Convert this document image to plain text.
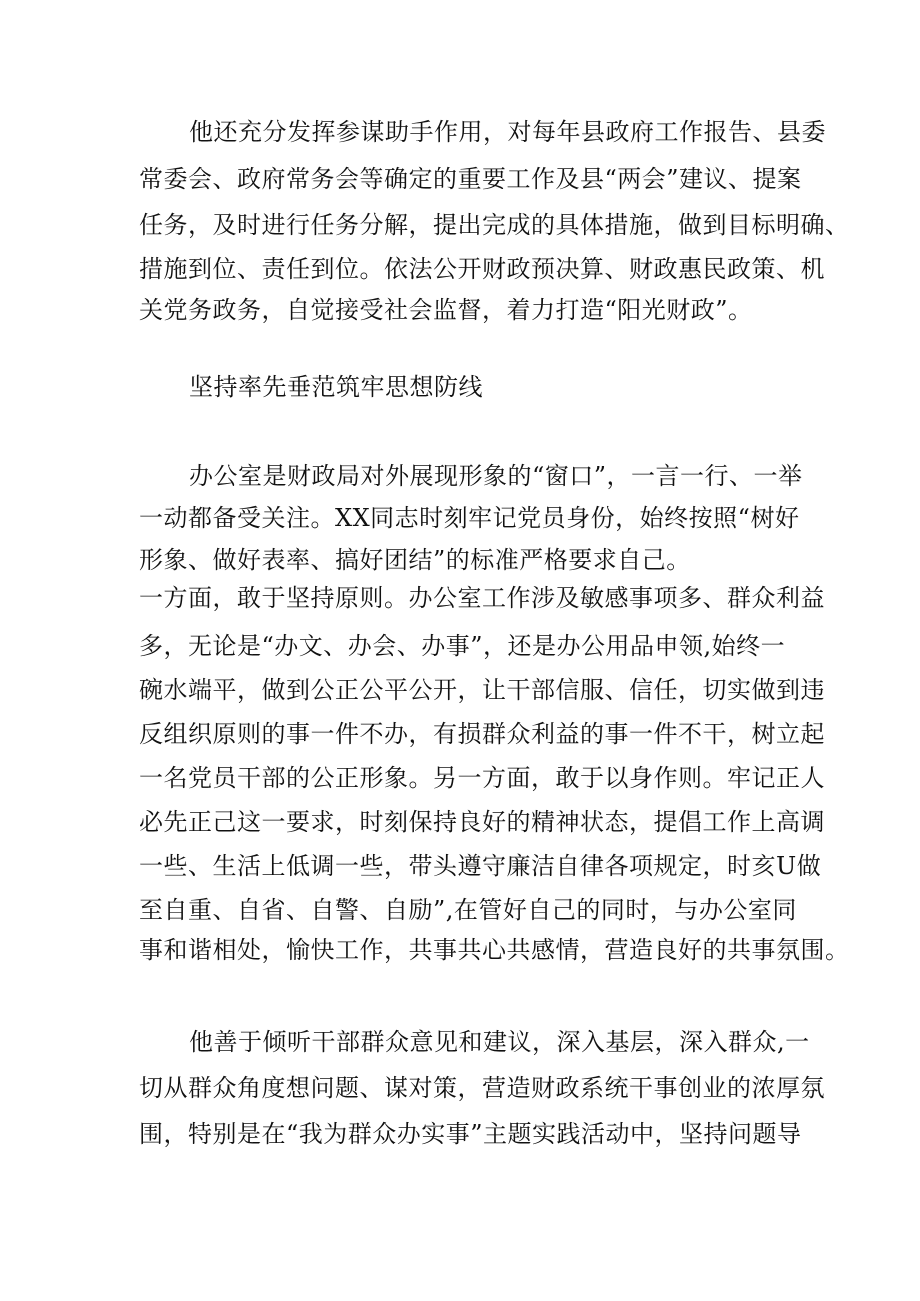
他还充分发挥参谋助手作用，对每年县政府工作报告、县委
常委会、政府常务会等确定的重要工作及县“两会”建议、提案
任务，及时进行任务分解，提出完成的具体措施，做到目标明确、
措施到位、责任到位。依法公开财政预决算、财政惠民政策、机
关党务政务，自觉接受社会监督，着力打造“阳光财政”。
坚持率先垂范筑牢思想防线
办公室是财政局对外展现形象的“窗口”，一言一行、一举
一动都备受关注。XX同志时刻牢记党员身份，始终按照“树好
形象、做好表率、搞好团结”的标准严格要求自己。
一方面，敢于坚持原则。办公室工作涉及敏感事项多、群众利益
多，无论是“办文、办会、办事”，还是办公用品申领,始终一
碗水端平，做到公正公平公开，让干部信服、信任，切实做到违
反组织原则的事一件不办，有损群众利益的事一件不干，树立起
一名党员干部的公正形象。另一方面，敢于以身作则。牢记正人
必先正己这一要求，时刻保持良好的精神状态，提倡工作上高调
一些、生活上低调一些，带头遵守廉洁自律各项规定，时亥U做
至自重、自省、自警、自励”,在管好自己的同时，与办公室同
事和谐相处，愉快工作，共事共心共感情，营造良好的共事氛围。
他善于倾听干部群众意见和建议，深入基层，深入群众,一
切从群众角度想问题、谋对策，营造财政系统干事创业的浓厚氛
围，特别是在“我为群众办实事”主题实践活动中，坚持问题导
